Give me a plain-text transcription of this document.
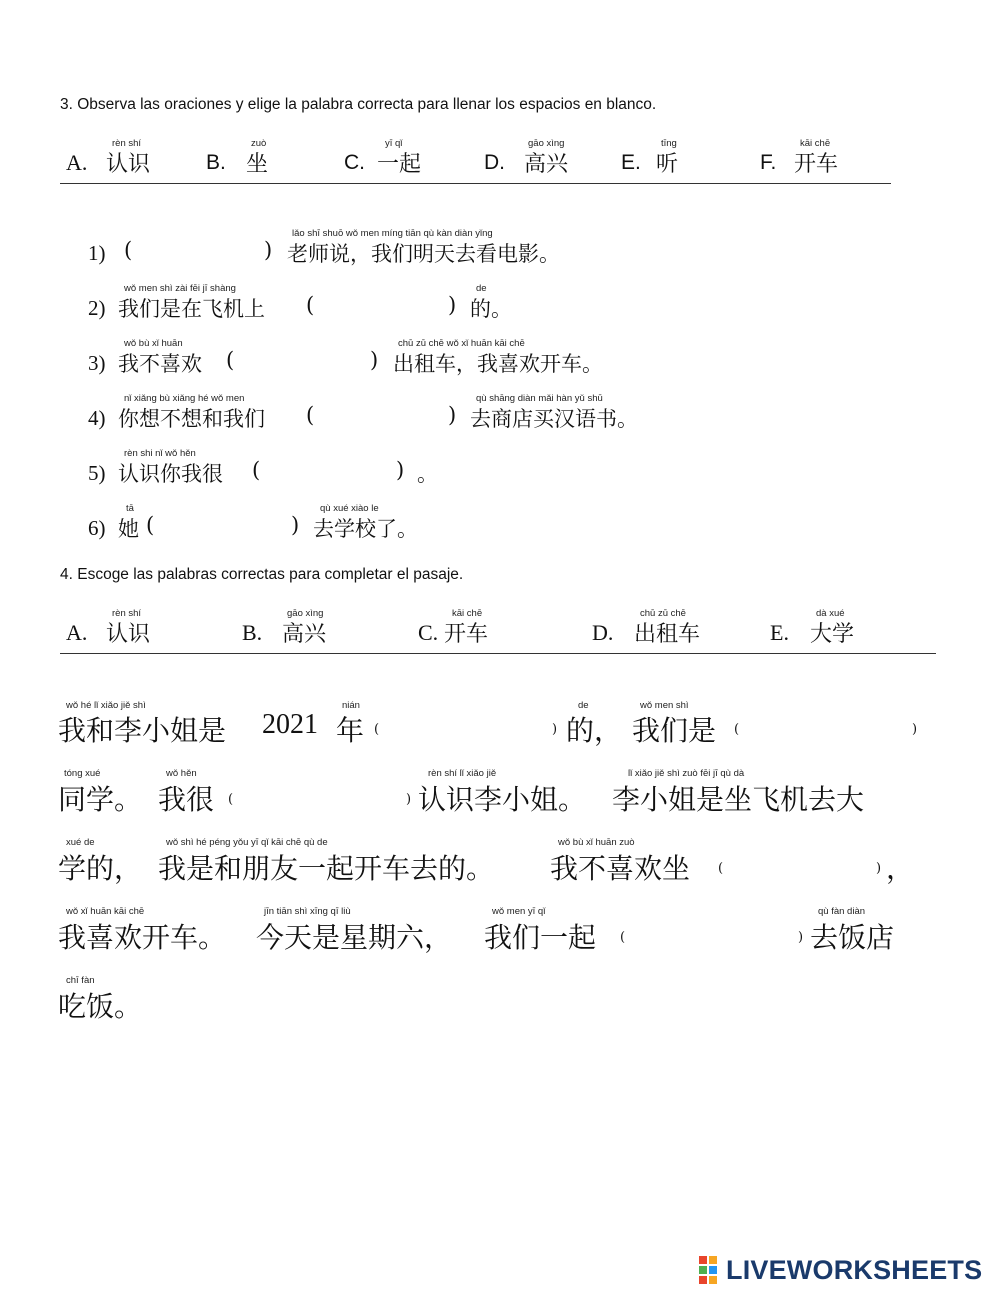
3. Observa las oraciones y elige la palabra correcta para llenar los espacios en blanco.
rèn shí
A. 认识
zuò
B. 坐
yī qǐ
C. 一起
gāo xìng
D. 高兴
tīng
E. 听
kāi chē
F. 开车
1) (	)
lǎo shī shuō wǒ men míng tiān qù kàn diàn yǐng
老师说，我们明天去看电影。
2)
wǒ men shì zài fēi jī shàng
我们是在飞机上 (	)
de
的。
3)
wǒ bù xǐ huān
我不喜欢 (	)
chū zū chē wǒ xǐ huān kāi chē
出租车，我喜欢开车。
4)
nǐ xiǎng bù xiǎng hé wǒ men
你想不想和我们 (	)
qù shāng diàn mǎi hàn yǔ shū
去商店买汉语书。
5)
rèn shi nǐ wǒ hěn
认识你我很 (	) 。
6)
tā
她 (	)
qù xué xiào le
去学校了。
4. Escoge las palabras correctas para completar el pasaje.
rèn shí
A. 认识
gāo xìng
B. 高兴
kāi chē
C. 开车
chū zū chē
D. 出租车
dà xué
E. 大学
wǒ hé lǐ xiǎo jiě shì
我和李小姐是 2021
nián
年 (	)
de
的，
wǒ men shì
我们是 (	)
tóng xué
同学。
wǒ hěn
我很 (	)
rèn shí lǐ xiǎo jiě
认识李小姐。
lǐ xiǎo jiě shì zuò fēi jī qù dà
李小姐是坐飞机去大
xué de
学的，
wǒ shì hé péng yǒu yī qǐ kāi chē qù de
我是和朋友一起开车去的。
wǒ bù xǐ huān zuò
我不喜欢坐 (	) ，
wǒ xǐ huān kāi chē
我喜欢开车。
jīn tiān shì xīng qī liù
今天是星期六，
wǒ men yī qǐ
我们一起 (	)
qù fàn diàn
去饭店
chī fàn
吃饭。
LIVEWORKSHEETS
